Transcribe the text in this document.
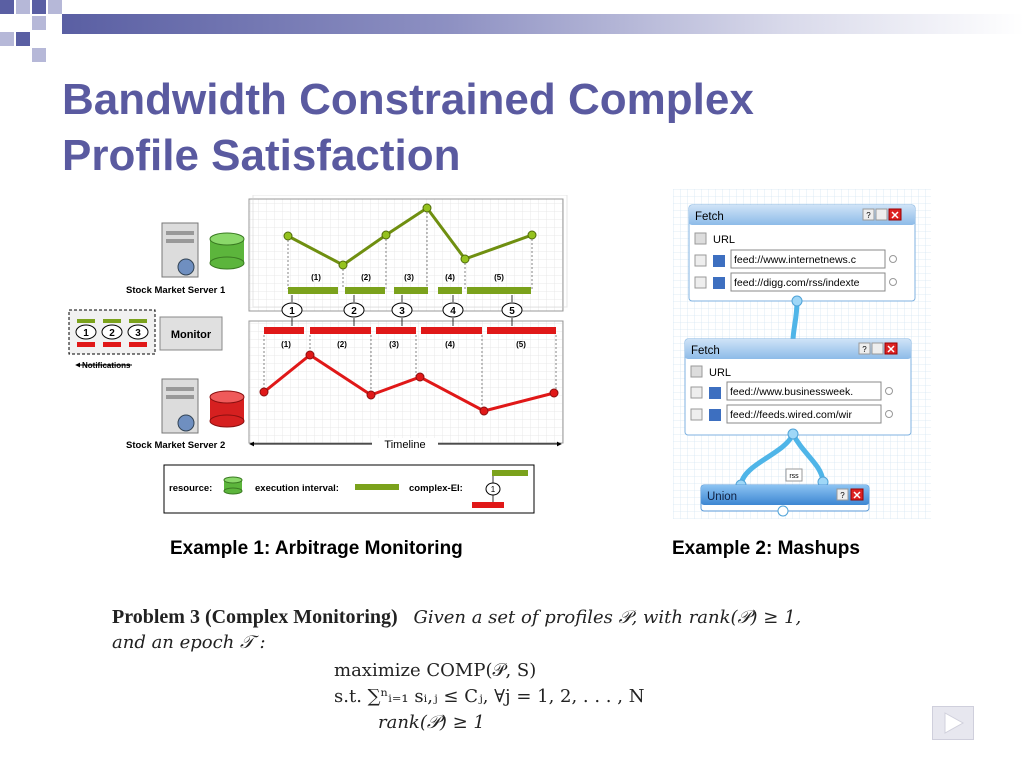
Bandwidth Constrained Complex
Profile Satisfaction
Stock Market Server 1
Stock Market Server 2
1 2 3	Monitor
Notifications
(1)	(2)	(3)	(4)	(5)
1	2	3	4	5
(1)	(2)	(3)	(4)	(5)
Timeline
resource:	execution interval:	complex-EI:	1
Fetch	?
URL
feed://www.internetnews.c
feed://digg.com/rss/indexte
Fetch	?
URL
feed://www.businessweek.
feed://feeds.wired.com/wir
rss
Union	?

Example 1: Arbitrage Monitoring	Example 2: Mashups

Problem 3 (Complex Monitoring) Given a set of profiles 𝒫, with rank(𝒫) ≥ 1,
and an epoch 𝒯 :
maximize COMP(𝒫, S)
s.t. ∑ⁿᵢ₌₁ sᵢ,ⱼ ≤ Cⱼ, ∀j = 1, 2, . . . , N
rank(𝒫) ≥ 1
